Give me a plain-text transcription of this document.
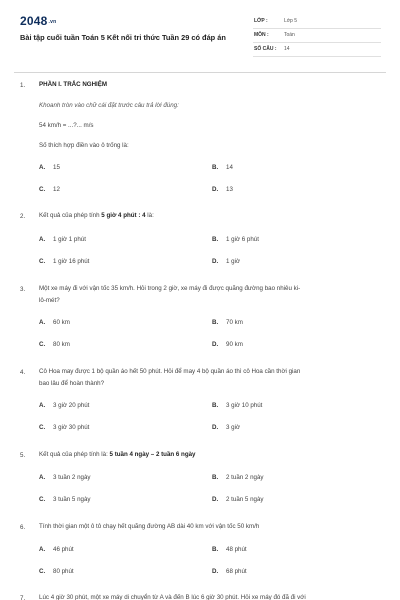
2048.vn
Bài tập cuối tuần Toán 5 Kết nối tri thức Tuần 29 có đáp án
LỚP :	Lớp 5
MÔN :	Toán
SỐ CÂU : 14
1. PHẦN I. TRẮC NGHIỆM
Khoanh tròn vào chữ cái đặt trước câu trả lời đúng:
54 km/h = ...?... m/s
Số thích hợp điền vào ô trống là:
A. 15	B. 14
C. 12	D. 13
2. Kết quả của phép tính 5 giờ 4 phút : 4 là:
A. 1 giờ 1 phút	B. 1 giờ 6 phút
C. 1 giờ 16 phút	D. 1 giờ
3. Một xe máy đi với vận tốc 35 km/h. Hỏi trong 2 giờ, xe máy đi được quãng đường bao nhiêu ki-
lô-mét?
A. 60 km	B. 70 km
C. 80 km	D. 90 km
4. Cô Hoa may được 1 bộ quần áo hết 50 phút. Hỏi để may 4 bộ quần áo thì cô Hoa cần thời gian
bao lâu để hoàn thành?
A. 3 giờ 20 phút	B. 3 giờ 10 phút
C. 3 giờ 30 phút	D. 3 giờ
5. Kết quả của phép tính là: 5 tuần 4 ngày – 2 tuần 6 ngày
A. 3 tuần 2 ngày	B. 2 tuần 2 ngày
C. 3 tuần 5 ngày	D. 2 tuần 5 ngày
6. Tính thời gian một ô tô chạy hết quãng đường AB dài 40 km với vận tốc 50 km/h
A. 46 phút	B. 48 phút
C. 80 phút	D. 68 phút
7. Lúc 4 giờ 30 phút, một xe máy di chuyển từ A và đến B lúc 6 giờ 30 phút. Hỏi xe máy đó đã đi với
